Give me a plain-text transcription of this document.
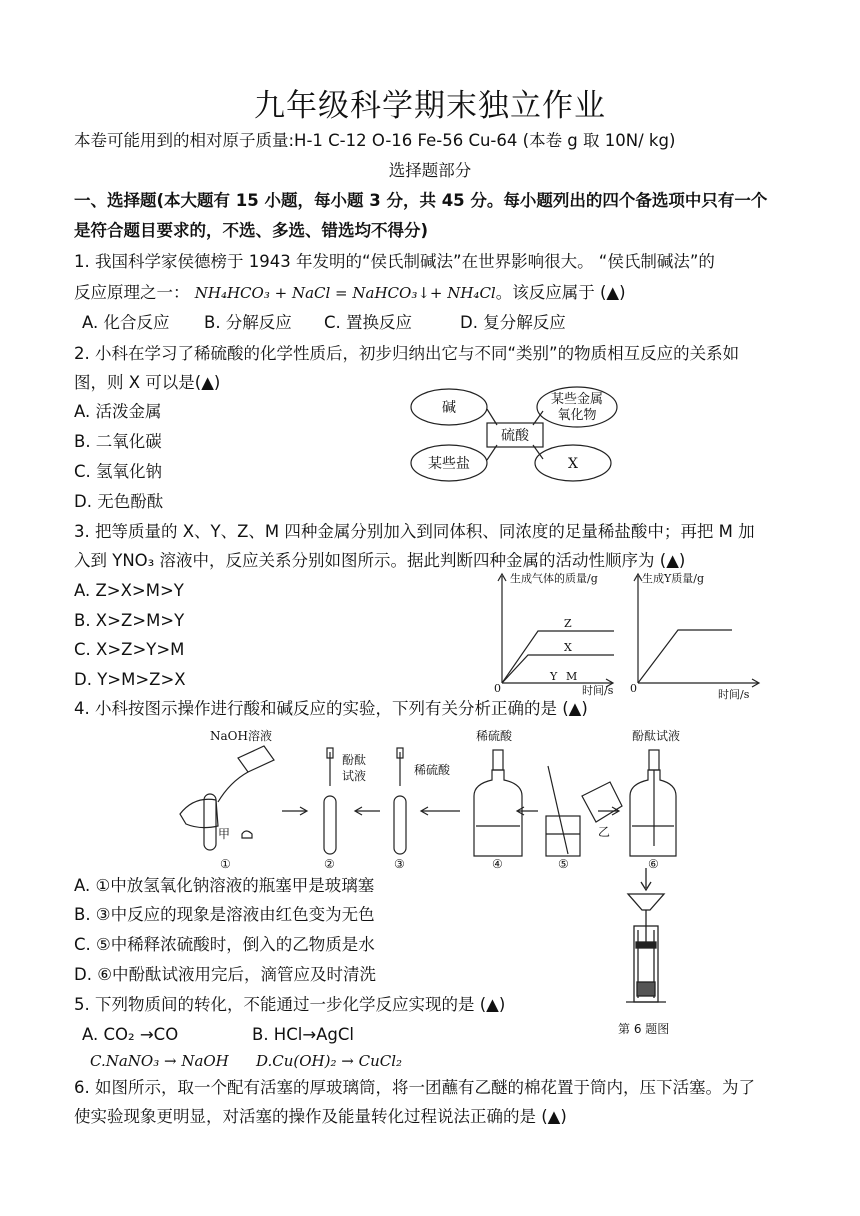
九年级科学期末独立作业
本卷可能用到的相对原子质量:H-1 C-12 O-16 Fe-56 Cu-64 (本卷 g 取 10N/ kg)
选择题部分
一、选择题(本大题有 15 小题，每小题 3 分，共 45 分。每小题列出的四个备选项中只有一个
是符合题目要求的，不选、多选、错选均不得分)
1. 我国科学家侯德榜于 1943 年发明的“侯氏制碱法”在世界影响很大。 “侯氏制碱法”的
反应原理之一： NH₄HCO₃ + NaCl = NaHCO₃↓+ NH₄Cl。该反应属于 (▲)
A. 化合反应 B. 分解反应 C. 置换反应	D. 复分解反应
2. 小科在学习了稀硫酸的化学性质后，初步归纳出它与不同“类别”的物质相互反应的关系如
图，则 X 可以是(▲)
A. 活泼金属
B. 二氧化碳
C. 氢氧化钠
D. 无色酚酞
碱
某些金属
氧化物
硫酸
某些盐	X
3. 把等质量的 X、Y、Z、M 四种金属分别加入到同体积、同浓度的足量稀盐酸中；再把 M 加
入到 YNO₃ 溶液中，反应关系分别如图所示。据此判断四种金属的活动性顺序为 (▲)
A. Z>X>M>Y
B. X>Z>M>Y
C. X>Z>Y>M
D. Y>M>Z>X
生成气体的质量/g
0	时间/s
Z
X
Y M
生成Y质量/g
0	时间/s
4. 小科按图示操作进行酸和碱反应的实验，下列有关分析正确的是 (▲)
NaOH溶液
甲
酚酞
试液	稀硫酸
稀硫酸
乙
酚酞试液
①	②	③	④	⑤	⑥
A. ①中放氢氧化钠溶液的瓶塞甲是玻璃塞
B. ③中反应的现象是溶液由红色变为无色
C. ⑤中稀释浓硫酸时，倒入的乙物质是水
D. ⑥中酚酞试液用完后，滴管应及时清洗
5. 下列物质间的转化，不能通过一步化学反应实现的是 (▲)
A. CO₂ →CO	B. HCl→AgCl
C.NaNO₃ → NaOH D.Cu(OH)₂ → CuCl₂
第 6 题图
6. 如图所示，取一个配有活塞的厚玻璃筒，将一团蘸有乙醚的棉花置于筒内，压下活塞。为了
使实验现象更明显，对活塞的操作及能量转化过程说法正确的是 (▲)
